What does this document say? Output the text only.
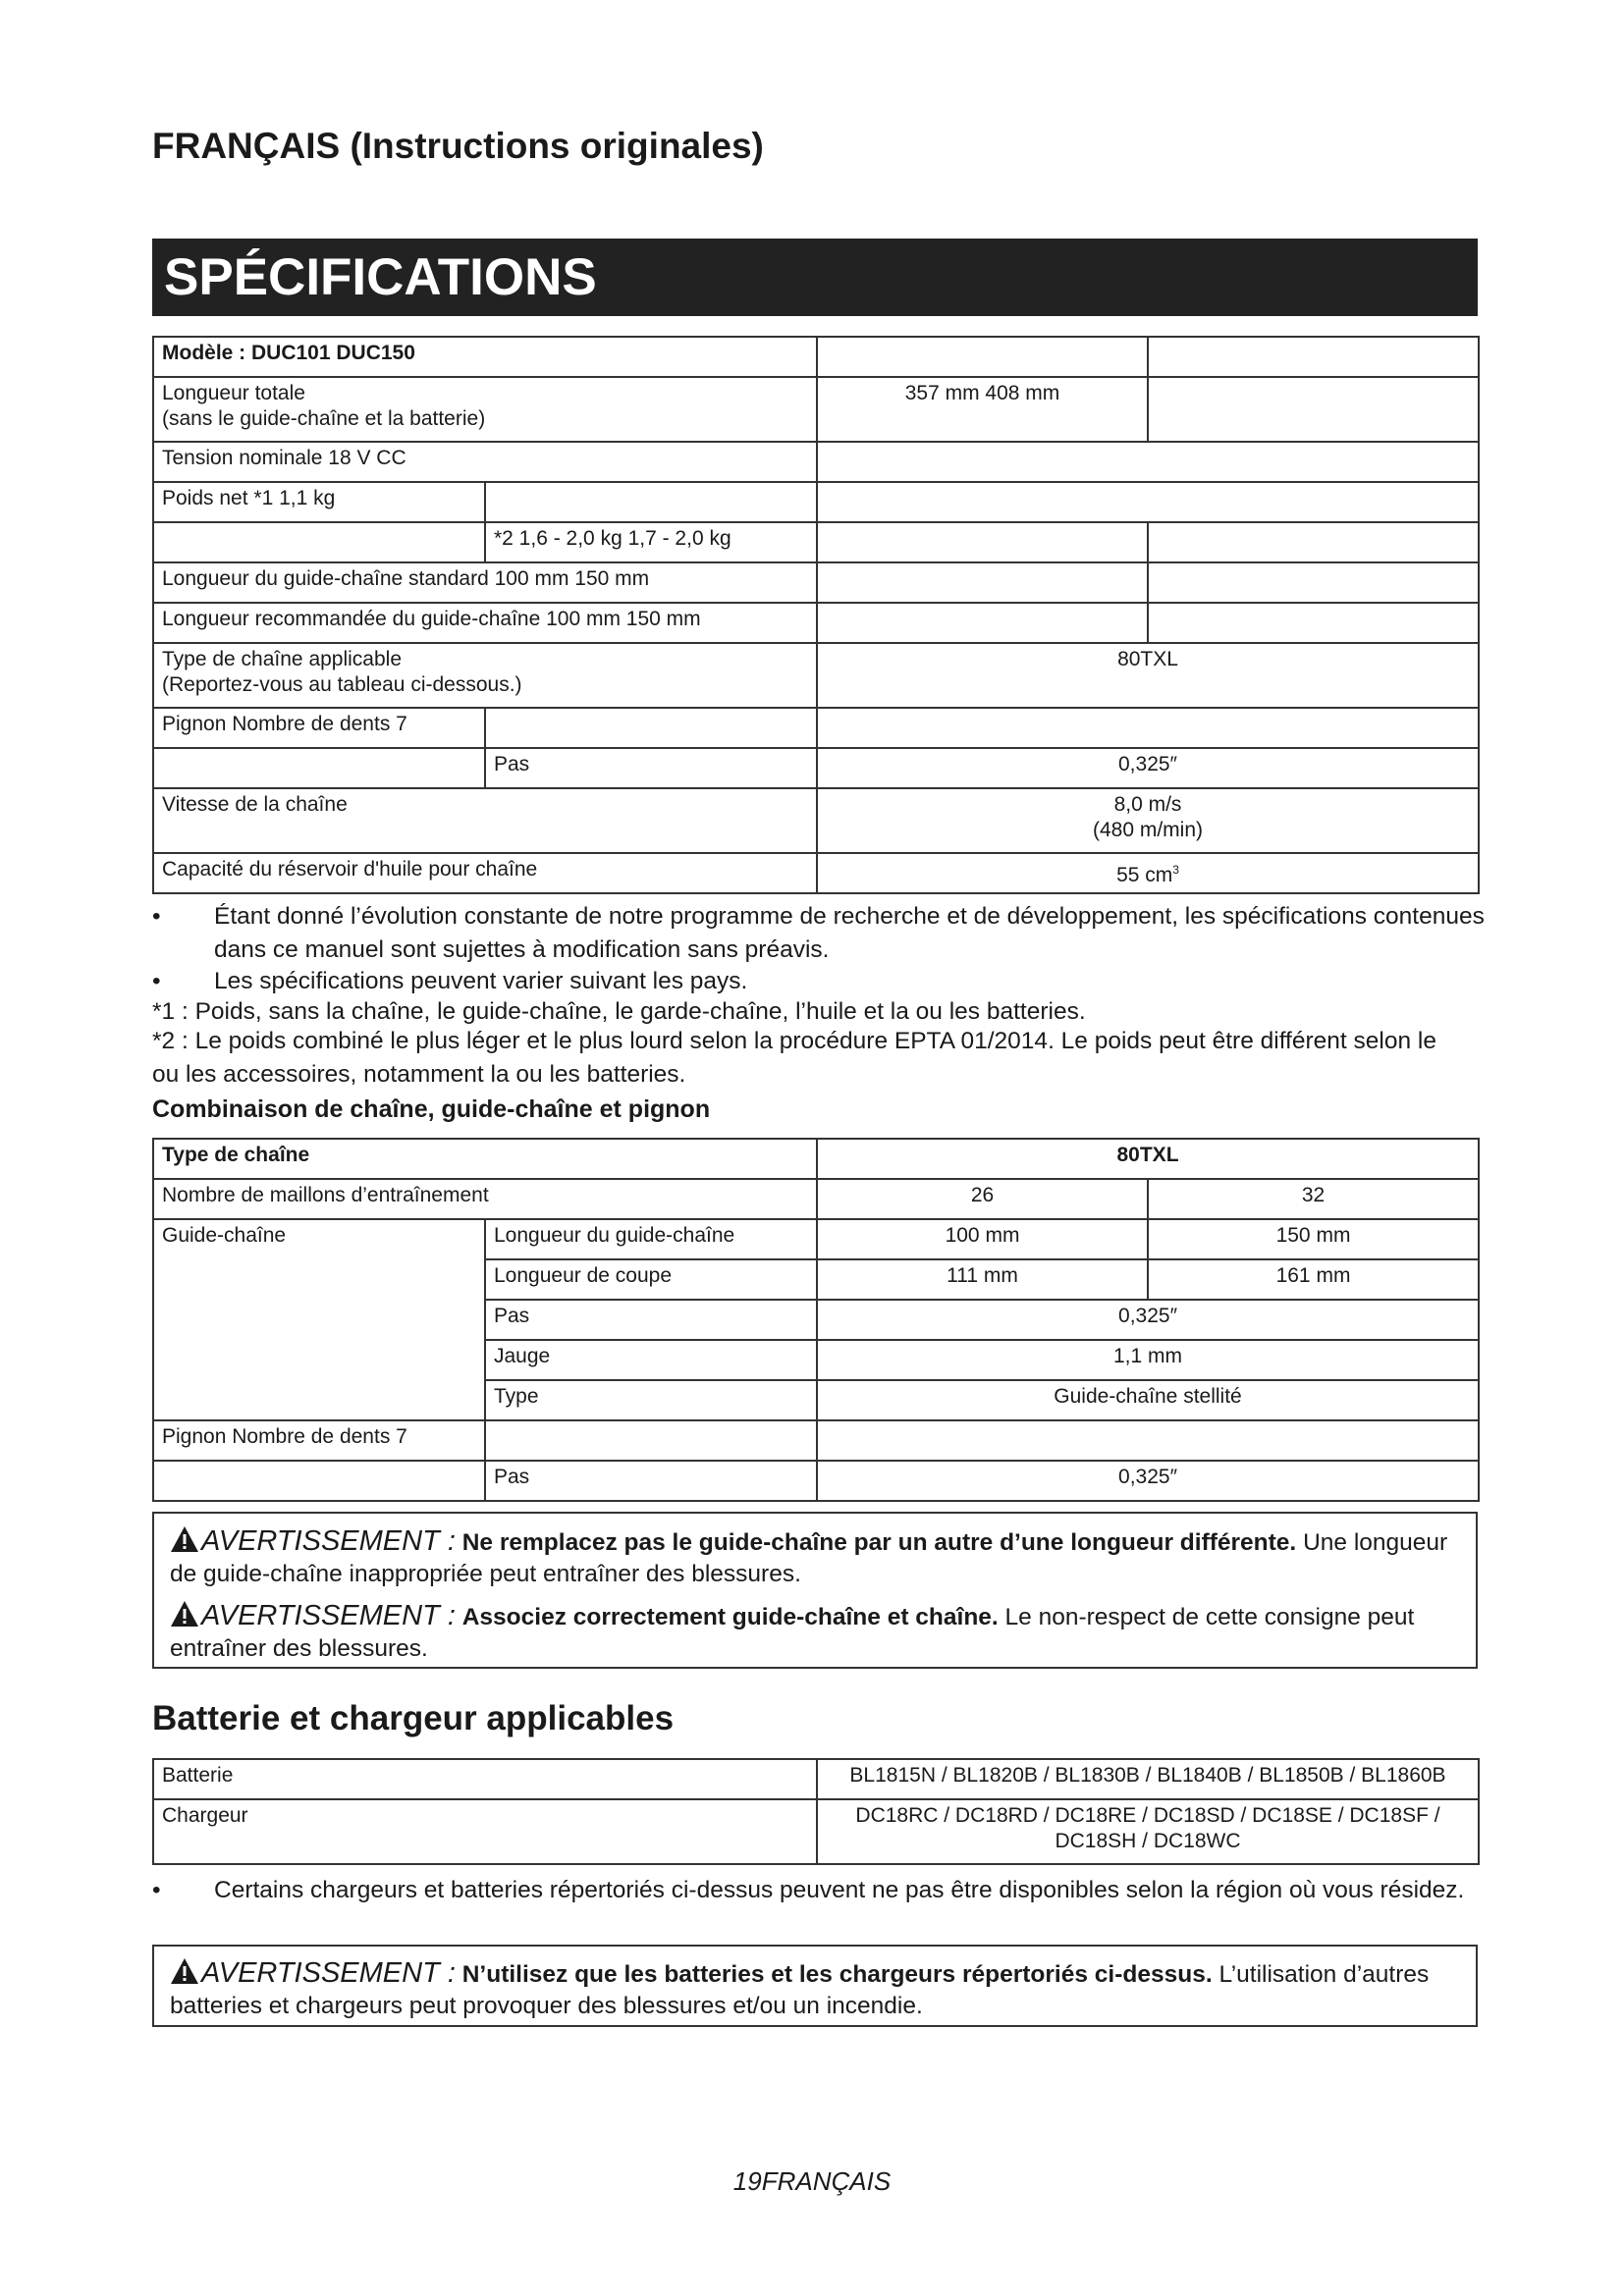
FRANÇAIS (Instructions originales)
SPÉCIFICATIONS
Modèle : DUC101 DUC150			

Longueur totale
(sans le guide-chaîne et la batterie)		357 mm 408 mm	
Tension nominale 18 V CC			
Poids net *1 1,1 kg			
	*2 1,6 - 2,0 kg 1,7 - 2,0 kg		
Longueur du guide-chaîne standard 100 mm 150 mm			
Longueur recommandée du guide-chaîne 100 mm 150 mm			

Type de chaîne applicable
(Reportez-vous au tableau ci-dessous.)		80TXL	
Pignon Nombre de dents 7			
	Pas	0,325″	
Vitesse de la chaîne		8,0 m/s
(480 m/min)	

Capacité du réservoir d'huile pour chaîne		55 $cm^3$
• Étant donné l’évolution constante de notre programme de recherche et de développement, les spécifications contenues dans ce manuel sont sujettes à modification sans préavis.
• Les spécifications peuvent varier suivant les pays.
*1 : Poids, sans la chaîne, le guide-chaîne, le garde-chaîne, l’huile et la ou les batteries.
*2 : Le poids combiné le plus léger et le plus lourd selon la procédure EPTA 01/2014. Le poids peut être différent selon le ou les accessoires, notamment la ou les batteries.
Combinaison de chaîne, guide-chaîne et pignon
Type de chaîne		80TXL	
Nombre de maillons d’entraînement		26	32
Guide-chaîne	Longueur du guide-chaîne	100 mm	150 mm
	Longueur de coupe	111 mm	161 mm
	Pas	0,325″	
	Jauge	1,1 mm	
	Type	Guide-chaîne stellité	
Pignon Nombre de dents 7			
	Pas	0,325″	

AVERTISSEMENT : Ne remplacez pas le guide-chaîne par un autre d’une longueur différente. Une longueur de guide-chaîne inappropriée peut entraîner des blessures.

AVERTISSEMENT : Associez correctement guide-chaîne et chaîne. Le non-respect de cette consigne peut entraîner des blessures.

Batterie et chargeur applicables
Batterie	BL1815N / BL1820B / BL1830B / BL1840B / BL1850B / BL1860B
Chargeur	DC18RC / DC18RD / DC18RE / DC18SD / DC18SE / DC18SF /
DC18SH / DC18WC
• Certains chargeurs et batteries répertoriés ci-dessus peuvent ne pas être disponibles selon la région où vous résidez.

AVERTISSEMENT : N’utilisez que les batteries et les chargeurs répertoriés ci-dessus. L’utilisation d’autres batteries et chargeurs peut provoquer des blessures et/ou un incendie.

19FRANÇAIS
